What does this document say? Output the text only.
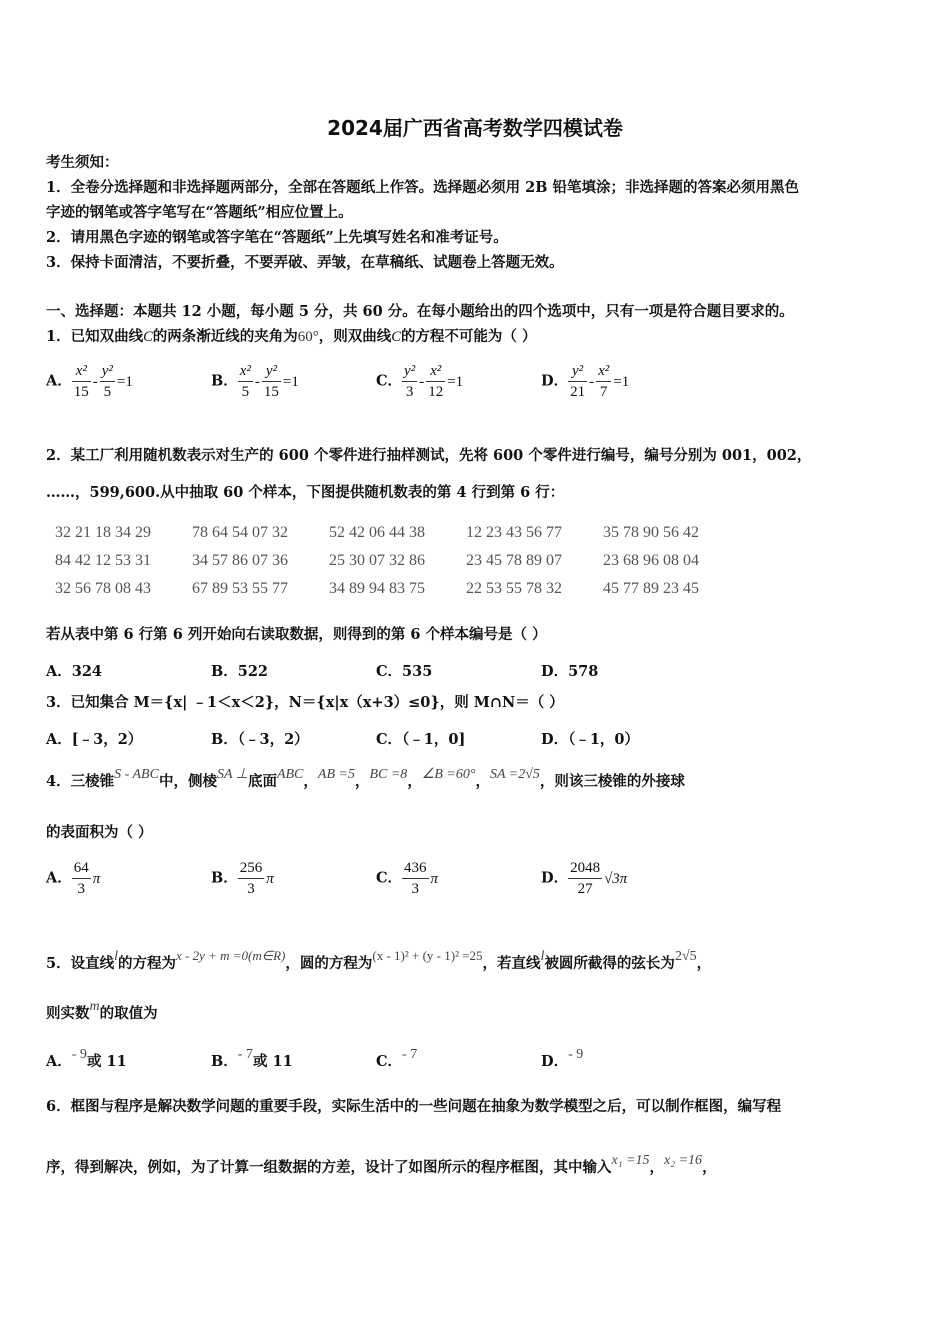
2024届广西省高考数学四模试卷
考生须知：
1．全卷分选择题和非选择题两部分，全部在答题纸上作答。选择题必须用 2B 铅笔填涂；非选择题的答案必须用黑色
字迹的钢笔或答字笔写在“答题纸”相应位置上。
2．请用黑色字迹的钢笔或答字笔在“答题纸”上先填写姓名和准考证号。
3．保持卡面清洁，不要折叠，不要弄破、弄皱，在草稿纸、试题卷上答题无效。
一、选择题：本题共 12 小题，每小题 5 分，共 60 分。在每小题给出的四个选项中，只有一项是符合题目要求的。
1．已知双曲线C的两条渐近线的夹角为60°，则双曲线C的方程不可能为（ ）
A． $\frac{\text{x²}}{15} - \frac{\text{y²}}{5} =1$	B． $\frac{\text{x²}}{5} - \frac{\text{y²}}{15} =1$	C． $\frac{\text{y²}}{3} - \frac{\text{x²}}{12} =1$	D． $\frac{\text{y²}}{21} - \frac{\text{x²}}{7} =1$
2．某工厂利用随机数表示对生产的 600 个零件进行抽样测试，先将 600 个零件进行编号，编号分别为 001，002，
……，599,600.从中抽取 60 个样本，下图提供随机数表的第 4 行到第 6 行：
32 21 18 34 29	78 64 54 07 32	52 42 06 44 38	12 23 43 56 77	35 78 90 56 42
84 42 12 53 31	34 57 86 07 36	25 30 07 32 86	23 45 78 89 07	23 68 96 08 04
32 56 78 08 43	67 89 53 55 77	34 89 94 83 75	22 53 55 78 32	45 77 89 23 45
若从表中第 6 行第 6 列开始向右读取数据，则得到的第 6 个样本编号是（ ）
A．324	B．522	C．535	D．578
3．已知集合 M＝{x| ﹣1＜x＜2}，N＝{x|x（x+3）≤0}，则 M∩N＝（ ）
A．[﹣3，2）	B．（﹣3，2）	C．（﹣1，0]	D．（﹣1，0）
4．三棱锥S - ABC中，侧棱SA ⊥底面ABC，AB =5，BC =8，∠B =60°，SA =2√5，则该三棱锥的外接球
的表面积为（ ）
A． $\frac{64}{3}$ π	B． $\frac{256}{3}$ π	C． $\frac{436}{3}$ π	D． $\frac{2048}{27} √3\pi$
5．设直线l的方程为x - 2y + m =0(m∈R)，圆的方程为(x - 1)² + (y - 1)² =25，若直线l被圆所截得的弦长为2√5，
则实数m的取值为
A．- 9或 11	B．- 7或 11	C．- 7	D．- 9
6．框图与程序是解决数学问题的重要手段，实际生活中的一些问题在抽象为数学模型之后，可以制作框图，编写程
序，得到解决，例如，为了计算一组数据的方差，设计了如图所示的程序框图，其中输入x₁ =15，x₂ =16，
